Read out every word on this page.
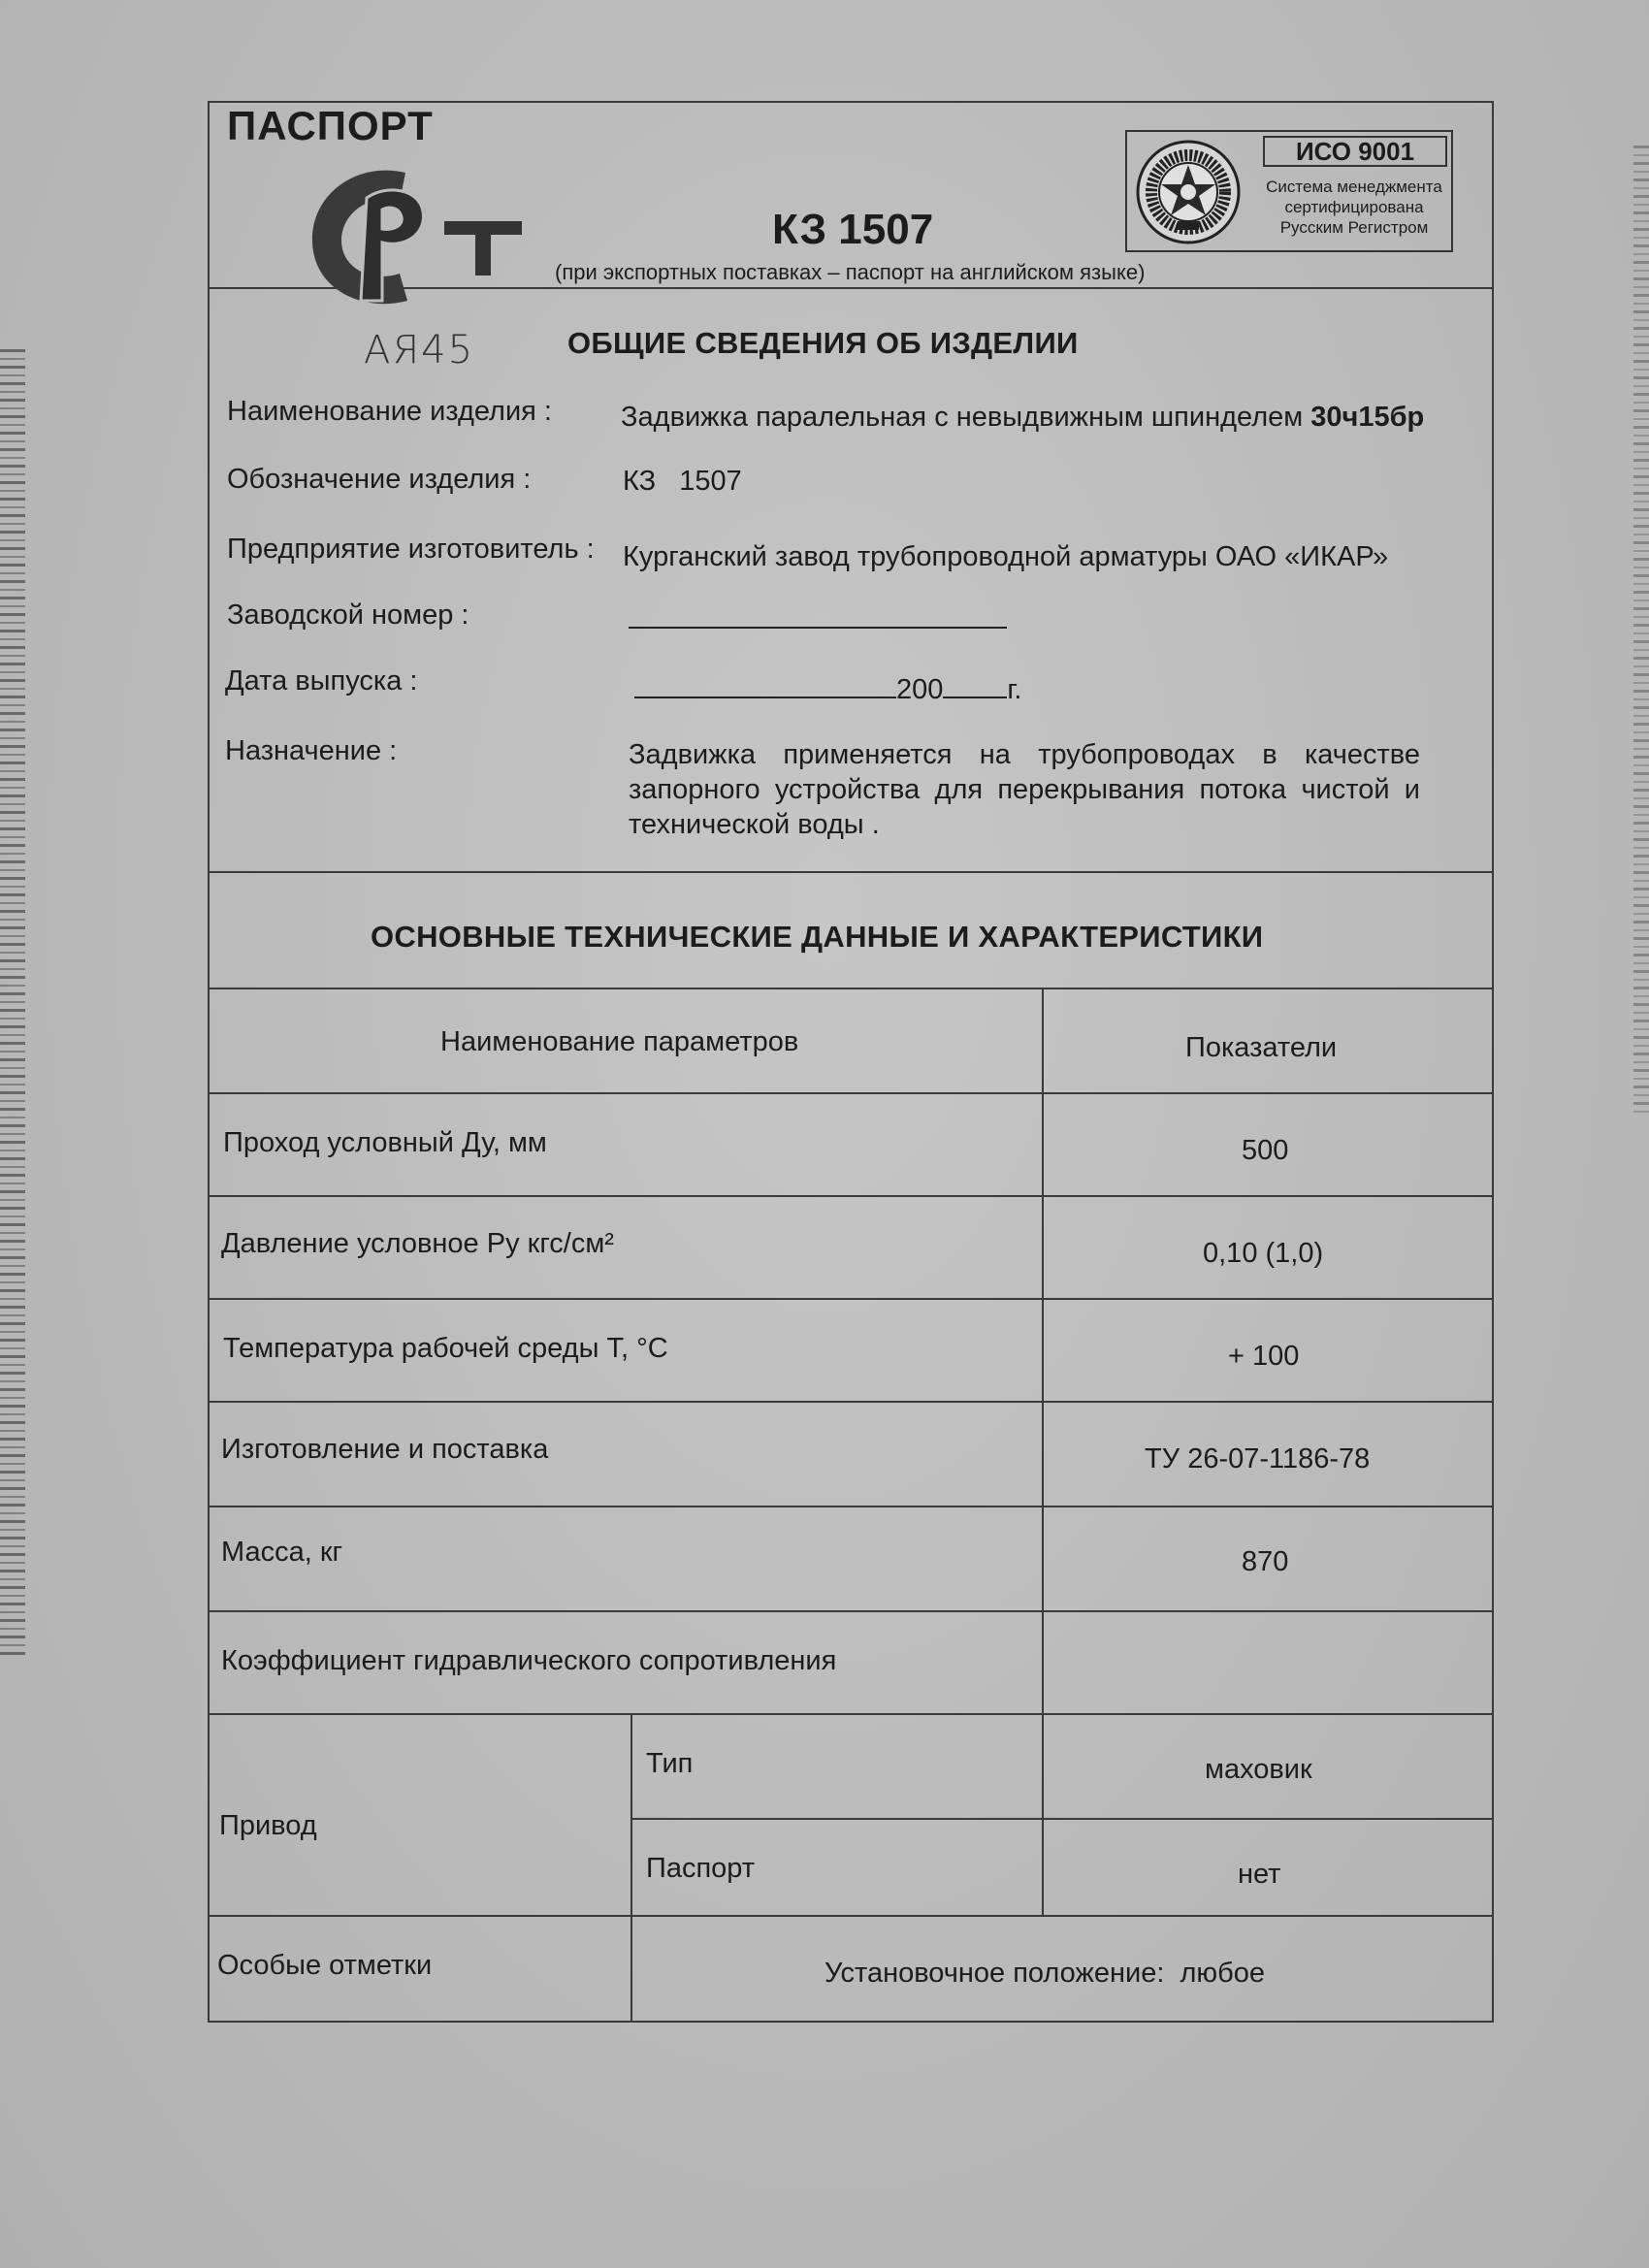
ПАСПОРТ
АЯ45
КЗ 1507
(при экспортных поставках – паспорт на английском языке)
ИСО 9001
Система менеджмента сертифицирована Русским Регистром
ОБЩИЕ СВЕДЕНИЯ ОБ ИЗДЕЛИИ
Наименование изделия : Задвижка паралельная с невыдвижным шпинделем 30ч15бр
Обозначение изделия :	КЗ   1507
Предприятие изготовитель : Курганский завод трубопроводной арматуры ОАО «ИКАР»
Заводской номер :
Дата выпуска :	200 г.
Назначение :	Задвижка применяется на трубопроводах в качестве запорного устройства для перекрывания потока чистой и технической воды .
ОСНОВНЫЕ ТЕХНИЧЕСКИЕ ДАННЫЕ И ХАРАКТЕРИСТИКИ
Наименование параметров	Показатели
Проход условный Ду, мм	500
Давление условное Ру кгс/см²	0,10 (1,0)
Температура рабочей среды Т, °С	+ 100
Изготовление и поставка	ТУ 26-07-1186-78
Масса, кг	870
Коэффициент гидравлического сопротивления
Привод
Тип	маховик
Паспорт	нет
Особые отметки	Установочное положение:  любое
